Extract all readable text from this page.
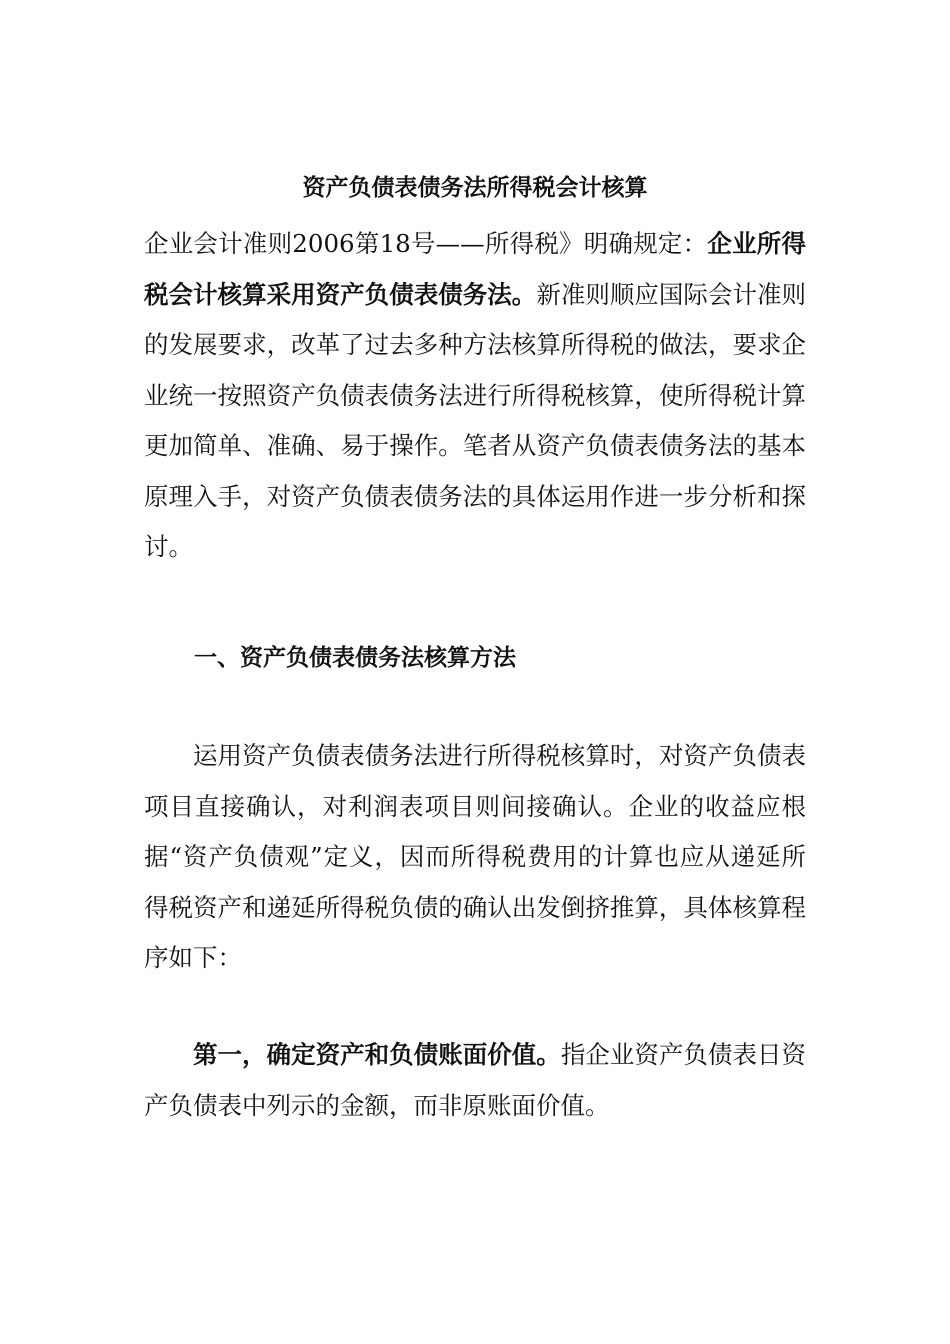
资产负债表债务法所得税会计核算

企业会计准则2006第18号——所得税》明确规定：企业所得税会计核算采用资产负债表债务法。新准则顺应国际会计准则的发展要求，改革了过去多种方法核算所得税的做法，要求企业统一按照资产负债表债务法进行所得税核算，使所得税计算更加简单、准确、易于操作。笔者从资产负债表债务法的基本原理入手，对资产负债表债务法的具体运用作进一步分析和探讨。

一、资产负债表债务法核算方法

运用资产负债表债务法进行所得税核算时，对资产负债表项目直接确认，对利润表项目则间接确认。企业的收益应根据“资产负债观”定义，因而所得税费用的计算也应从递延所得税资产和递延所得税负债的确认出发倒挤推算，具体核算程序如下：

第一，确定资产和负债账面价值。指企业资产负债表日资产负债表中列示的金额，而非原账面价值。
